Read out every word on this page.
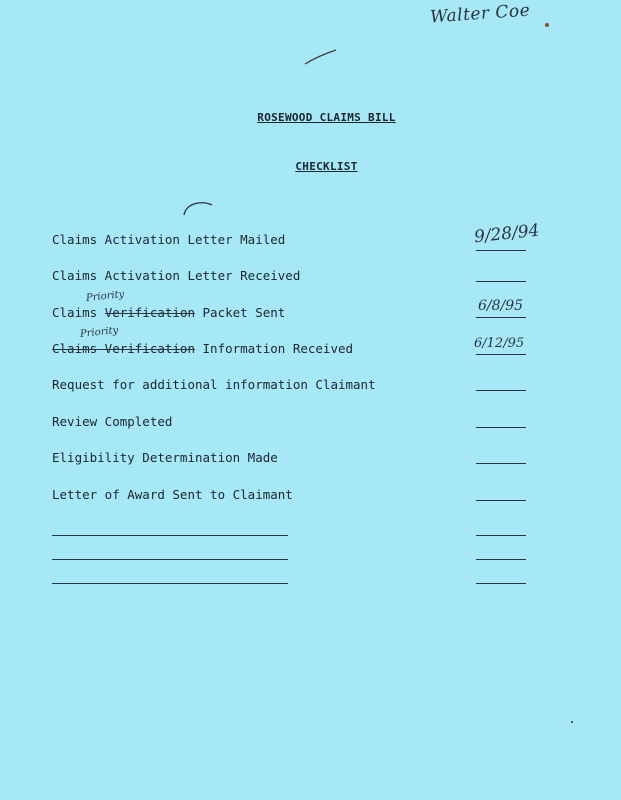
Walter Coe
ROSEWOOD CLAIMS BILL
CHECKLIST
Claims Activation Letter Mailed	9/28/94
Claims Activation Letter Received
Claims Verification Packet Sent
Priority
6/8/95
Claims Verification Information Received
Priority
6/12/95
Request for additional information Claimant
Review Completed
Eligibility Determination Made
Letter of Award Sent to Claimant
